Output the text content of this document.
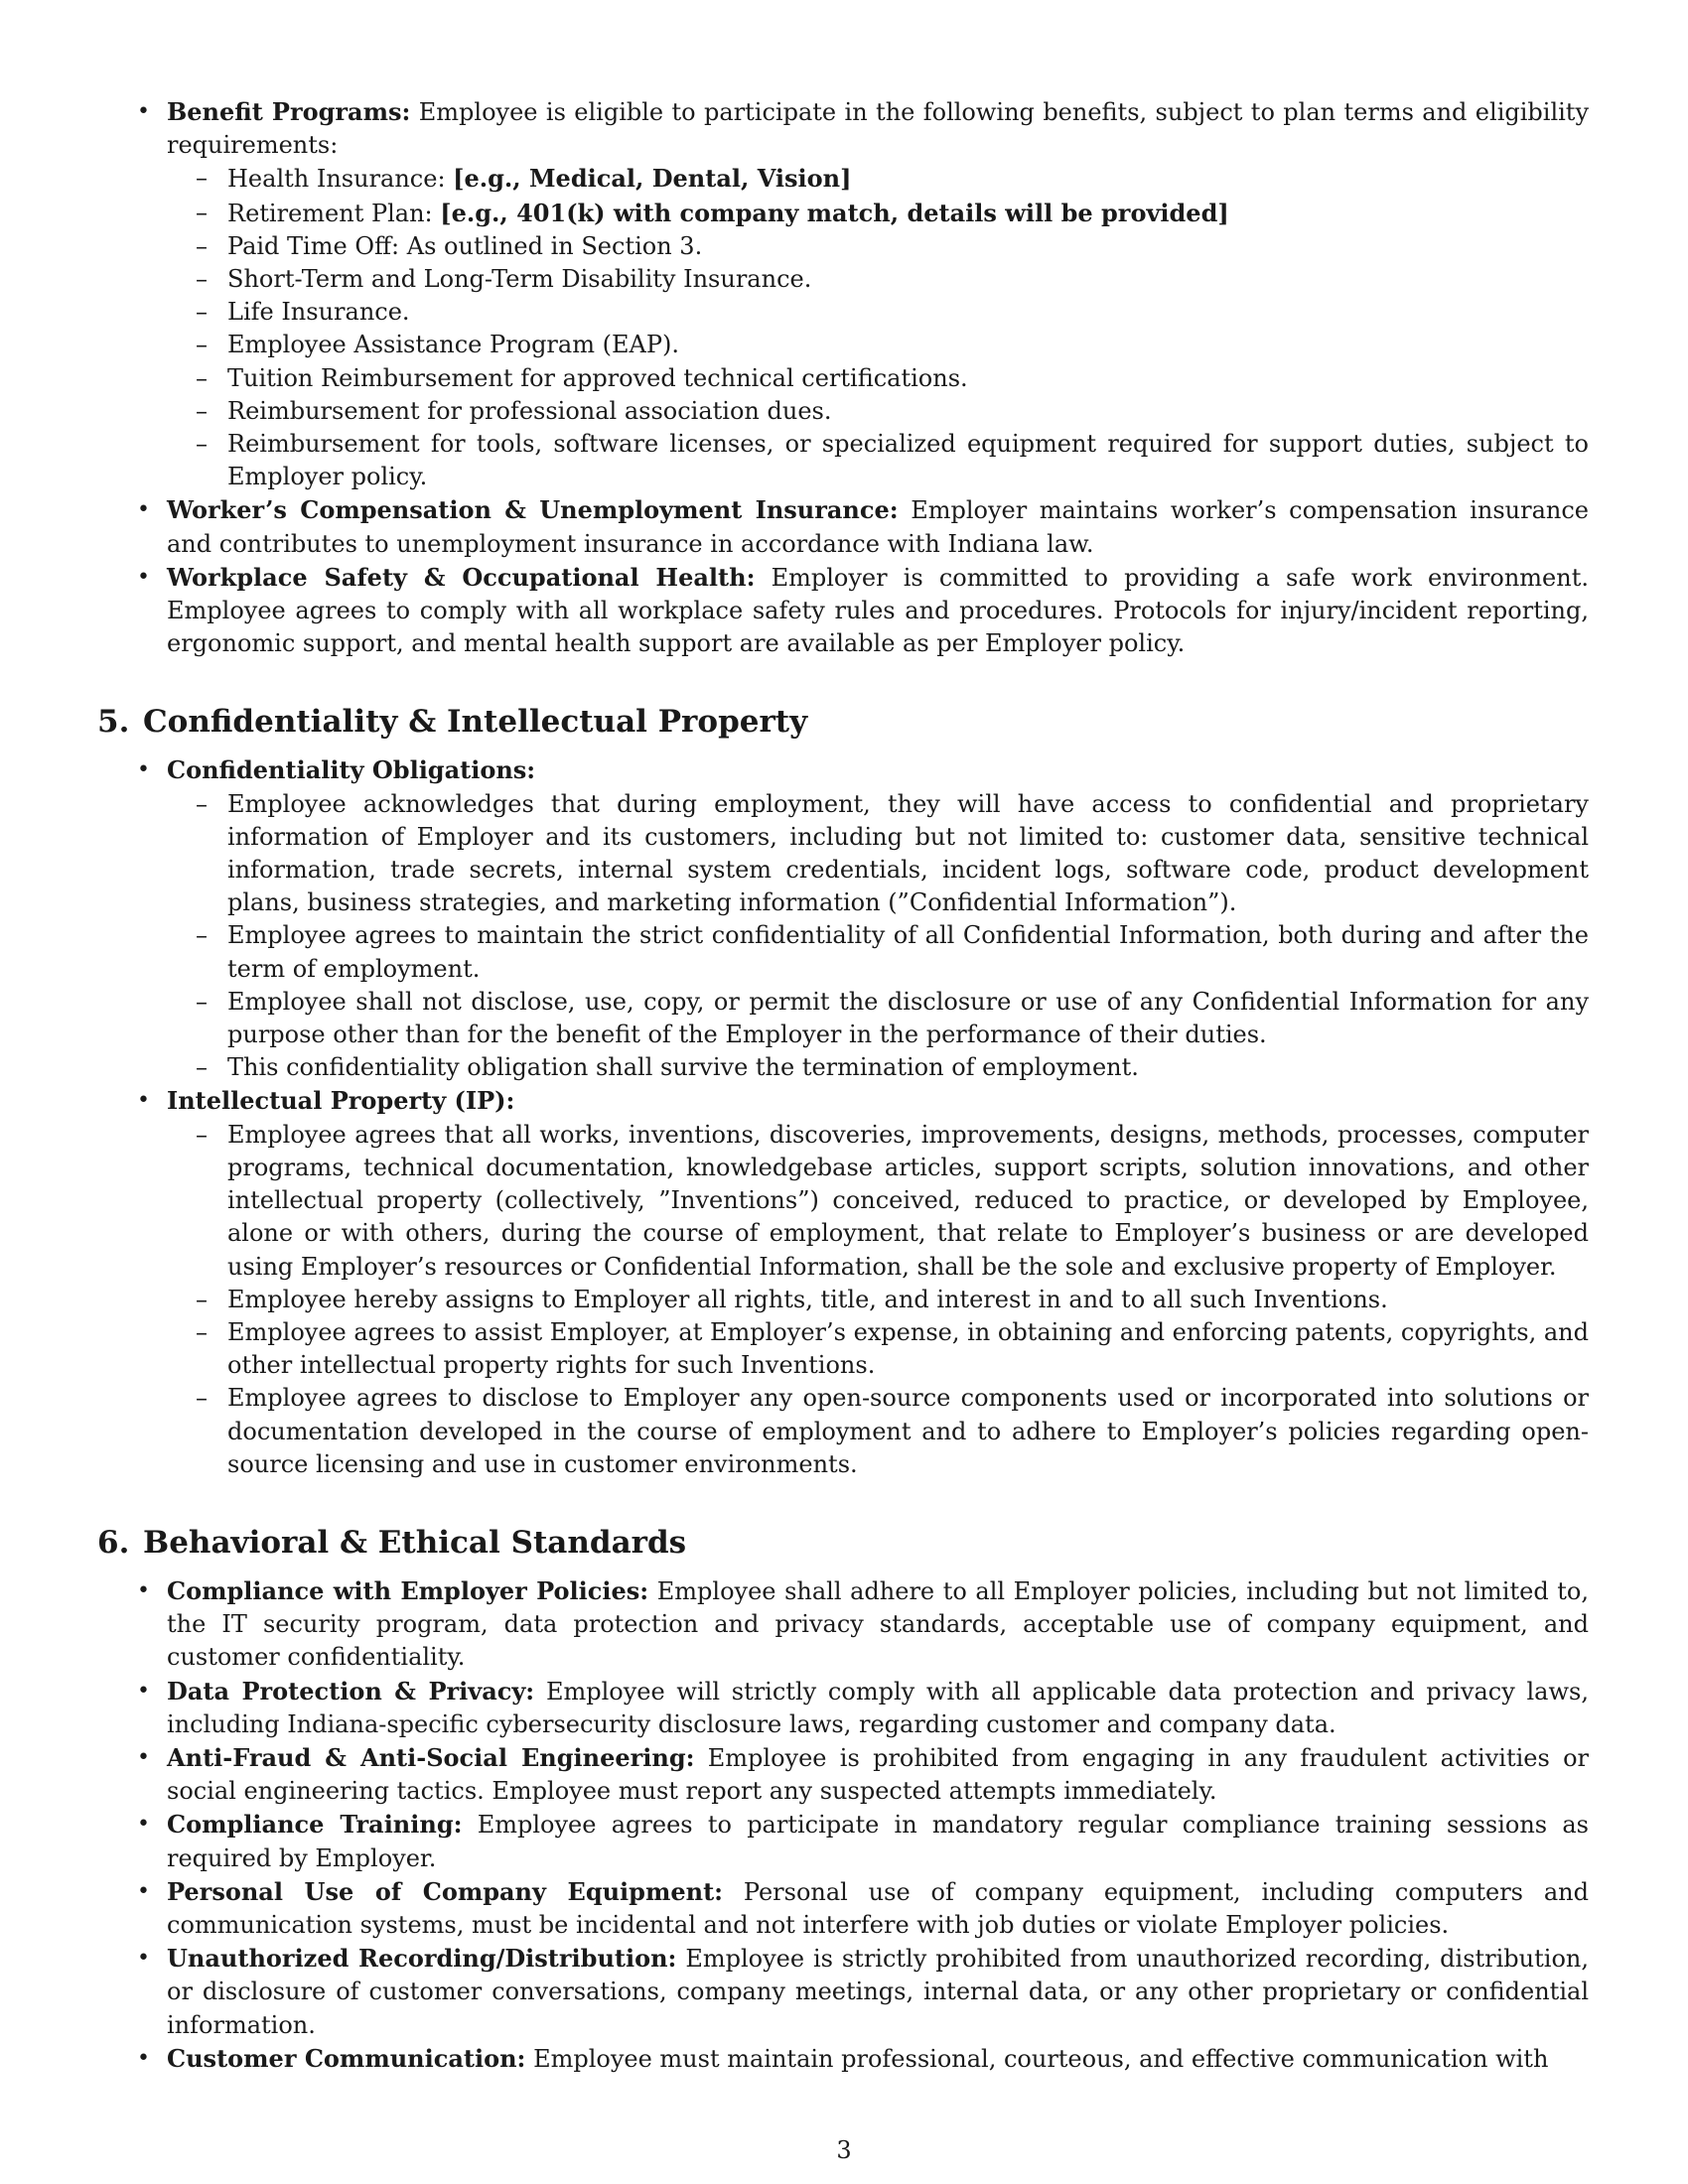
• Benefit Programs: Employee is eligible to participate in the following benefits, subject to plan terms and eligibility requirements:
– Health Insurance: [e.g., Medical, Dental, Vision]
– Retirement Plan: [e.g., 401(k) with company match, details will be provided]
– Paid Time Off: As outlined in Section 3.
– Short-Term and Long-Term Disability Insurance.
– Life Insurance.
– Employee Assistance Program (EAP).
– Tuition Reimbursement for approved technical certifications.
– Reimbursement for professional association dues.
– Reimbursement for tools, software licenses, or specialized equipment required for support duties, subject to Employer policy.
• Worker’s Compensation & Unemployment Insurance: Employer maintains worker’s compensation insurance and contributes to unemployment insurance in accordance with Indiana law.
• Workplace Safety & Occupational Health: Employer is committed to providing a safe work environment. Employee agrees to comply with all workplace safety rules and procedures. Protocols for injury/incident reporting, ergonomic support, and mental health support are available as per Employer policy.
5. Confidentiality & Intellectual Property
• Confidentiality Obligations:
– Employee acknowledges that during employment, they will have access to confidential and proprietary information of Employer and its customers, including but not limited to: customer data, sensitive technical information, trade secrets, internal system credentials, incident logs, software code, product development plans, business strategies, and marketing information (”Confidential Information”).
– Employee agrees to maintain the strict confidentiality of all Confidential Information, both during and after the term of employment.
– Employee shall not disclose, use, copy, or permit the disclosure or use of any Confidential Information for any purpose other than for the benefit of the Employer in the performance of their duties.
– This confidentiality obligation shall survive the termination of employment.
• Intellectual Property (IP):
– Employee agrees that all works, inventions, discoveries, improvements, designs, methods, processes, computer programs, technical documentation, knowledgebase articles, support scripts, solution innovations, and other intellectual property (collectively, ”Inventions”) conceived, reduced to practice, or developed by Employee, alone or with others, during the course of employment, that relate to Employer’s business or are developed using Employer’s resources or Confidential Information, shall be the sole and exclusive property of Employer.
– Employee hereby assigns to Employer all rights, title, and interest in and to all such Inventions.
– Employee agrees to assist Employer, at Employer’s expense, in obtaining and enforcing patents, copyrights, and other intellectual property rights for such Inventions.
– Employee agrees to disclose to Employer any open-source components used or incorporated into solutions or documentation developed in the course of employment and to adhere to Employer’s policies regarding open-source licensing and use in customer environments.
6. Behavioral & Ethical Standards
• Compliance with Employer Policies: Employee shall adhere to all Employer policies, including but not limited to, the IT security program, data protection and privacy standards, acceptable use of company equipment, and customer confidentiality.
• Data Protection & Privacy: Employee will strictly comply with all applicable data protection and privacy laws, including Indiana-specific cybersecurity disclosure laws, regarding customer and company data.
• Anti-Fraud & Anti-Social Engineering: Employee is prohibited from engaging in any fraudulent activities or social engineering tactics. Employee must report any suspected attempts immediately.
• Compliance Training: Employee agrees to participate in mandatory regular compliance training sessions as required by Employer.
• Personal Use of Company Equipment: Personal use of company equipment, including computers and communication systems, must be incidental and not interfere with job duties or violate Employer policies.
• Unauthorized Recording/Distribution: Employee is strictly prohibited from unauthorized recording, distribution, or disclosure of customer conversations, company meetings, internal data, or any other proprietary or confidential information.
• Customer Communication: Employee must maintain professional, courteous, and effective communication with
3
